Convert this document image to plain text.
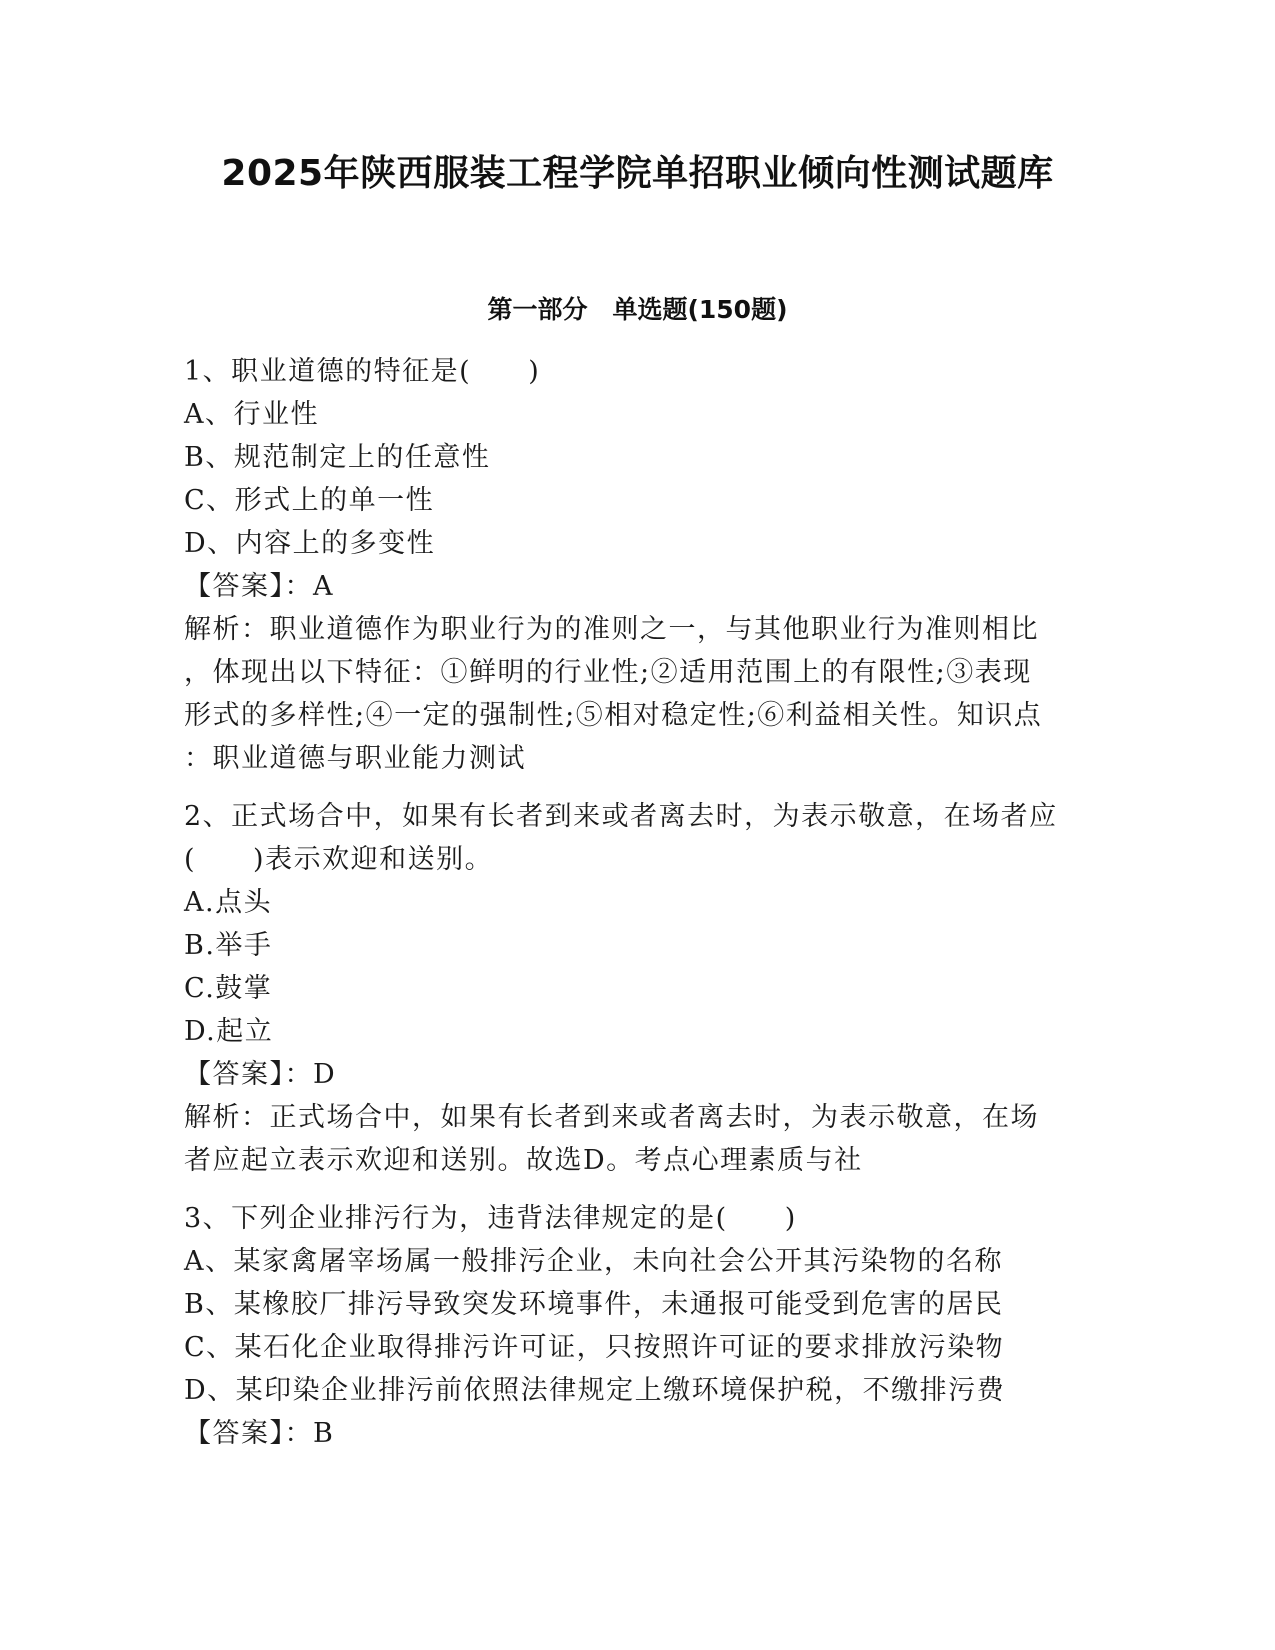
2025年陕西服装工程学院单招职业倾向性测试题库
第一部分　单选题(150题)
1、职业道德的特征是(　　)
A、行业性
B、规范制定上的任意性
C、形式上的单一性
D、内容上的多变性
【答案】：A
解析：职业道德作为职业行为的准则之一，与其他职业行为准则相比
，体现出以下特征：①鲜明的行业性;②适用范围上的有限性;③表现
形式的多样性;④一定的强制性;⑤相对稳定性;⑥利益相关性。知识点
：职业道德与职业能力测试
2、正式场合中，如果有长者到来或者离去时，为表示敬意，在场者应
(　　)表示欢迎和送别。
A.点头
B.举手
C.鼓掌
D.起立
【答案】：D
解析：正式场合中，如果有长者到来或者离去时，为表示敬意，在场
者应起立表示欢迎和送别。故选D。考点心理素质与社
3、下列企业排污行为，违背法律规定的是(　　)
A、某家禽屠宰场属一般排污企业，未向社会公开其污染物的名称
B、某橡胶厂排污导致突发环境事件，未通报可能受到危害的居民
C、某石化企业取得排污许可证，只按照许可证的要求排放污染物
D、某印染企业排污前依照法律规定上缴环境保护税，不缴排污费
【答案】：B
